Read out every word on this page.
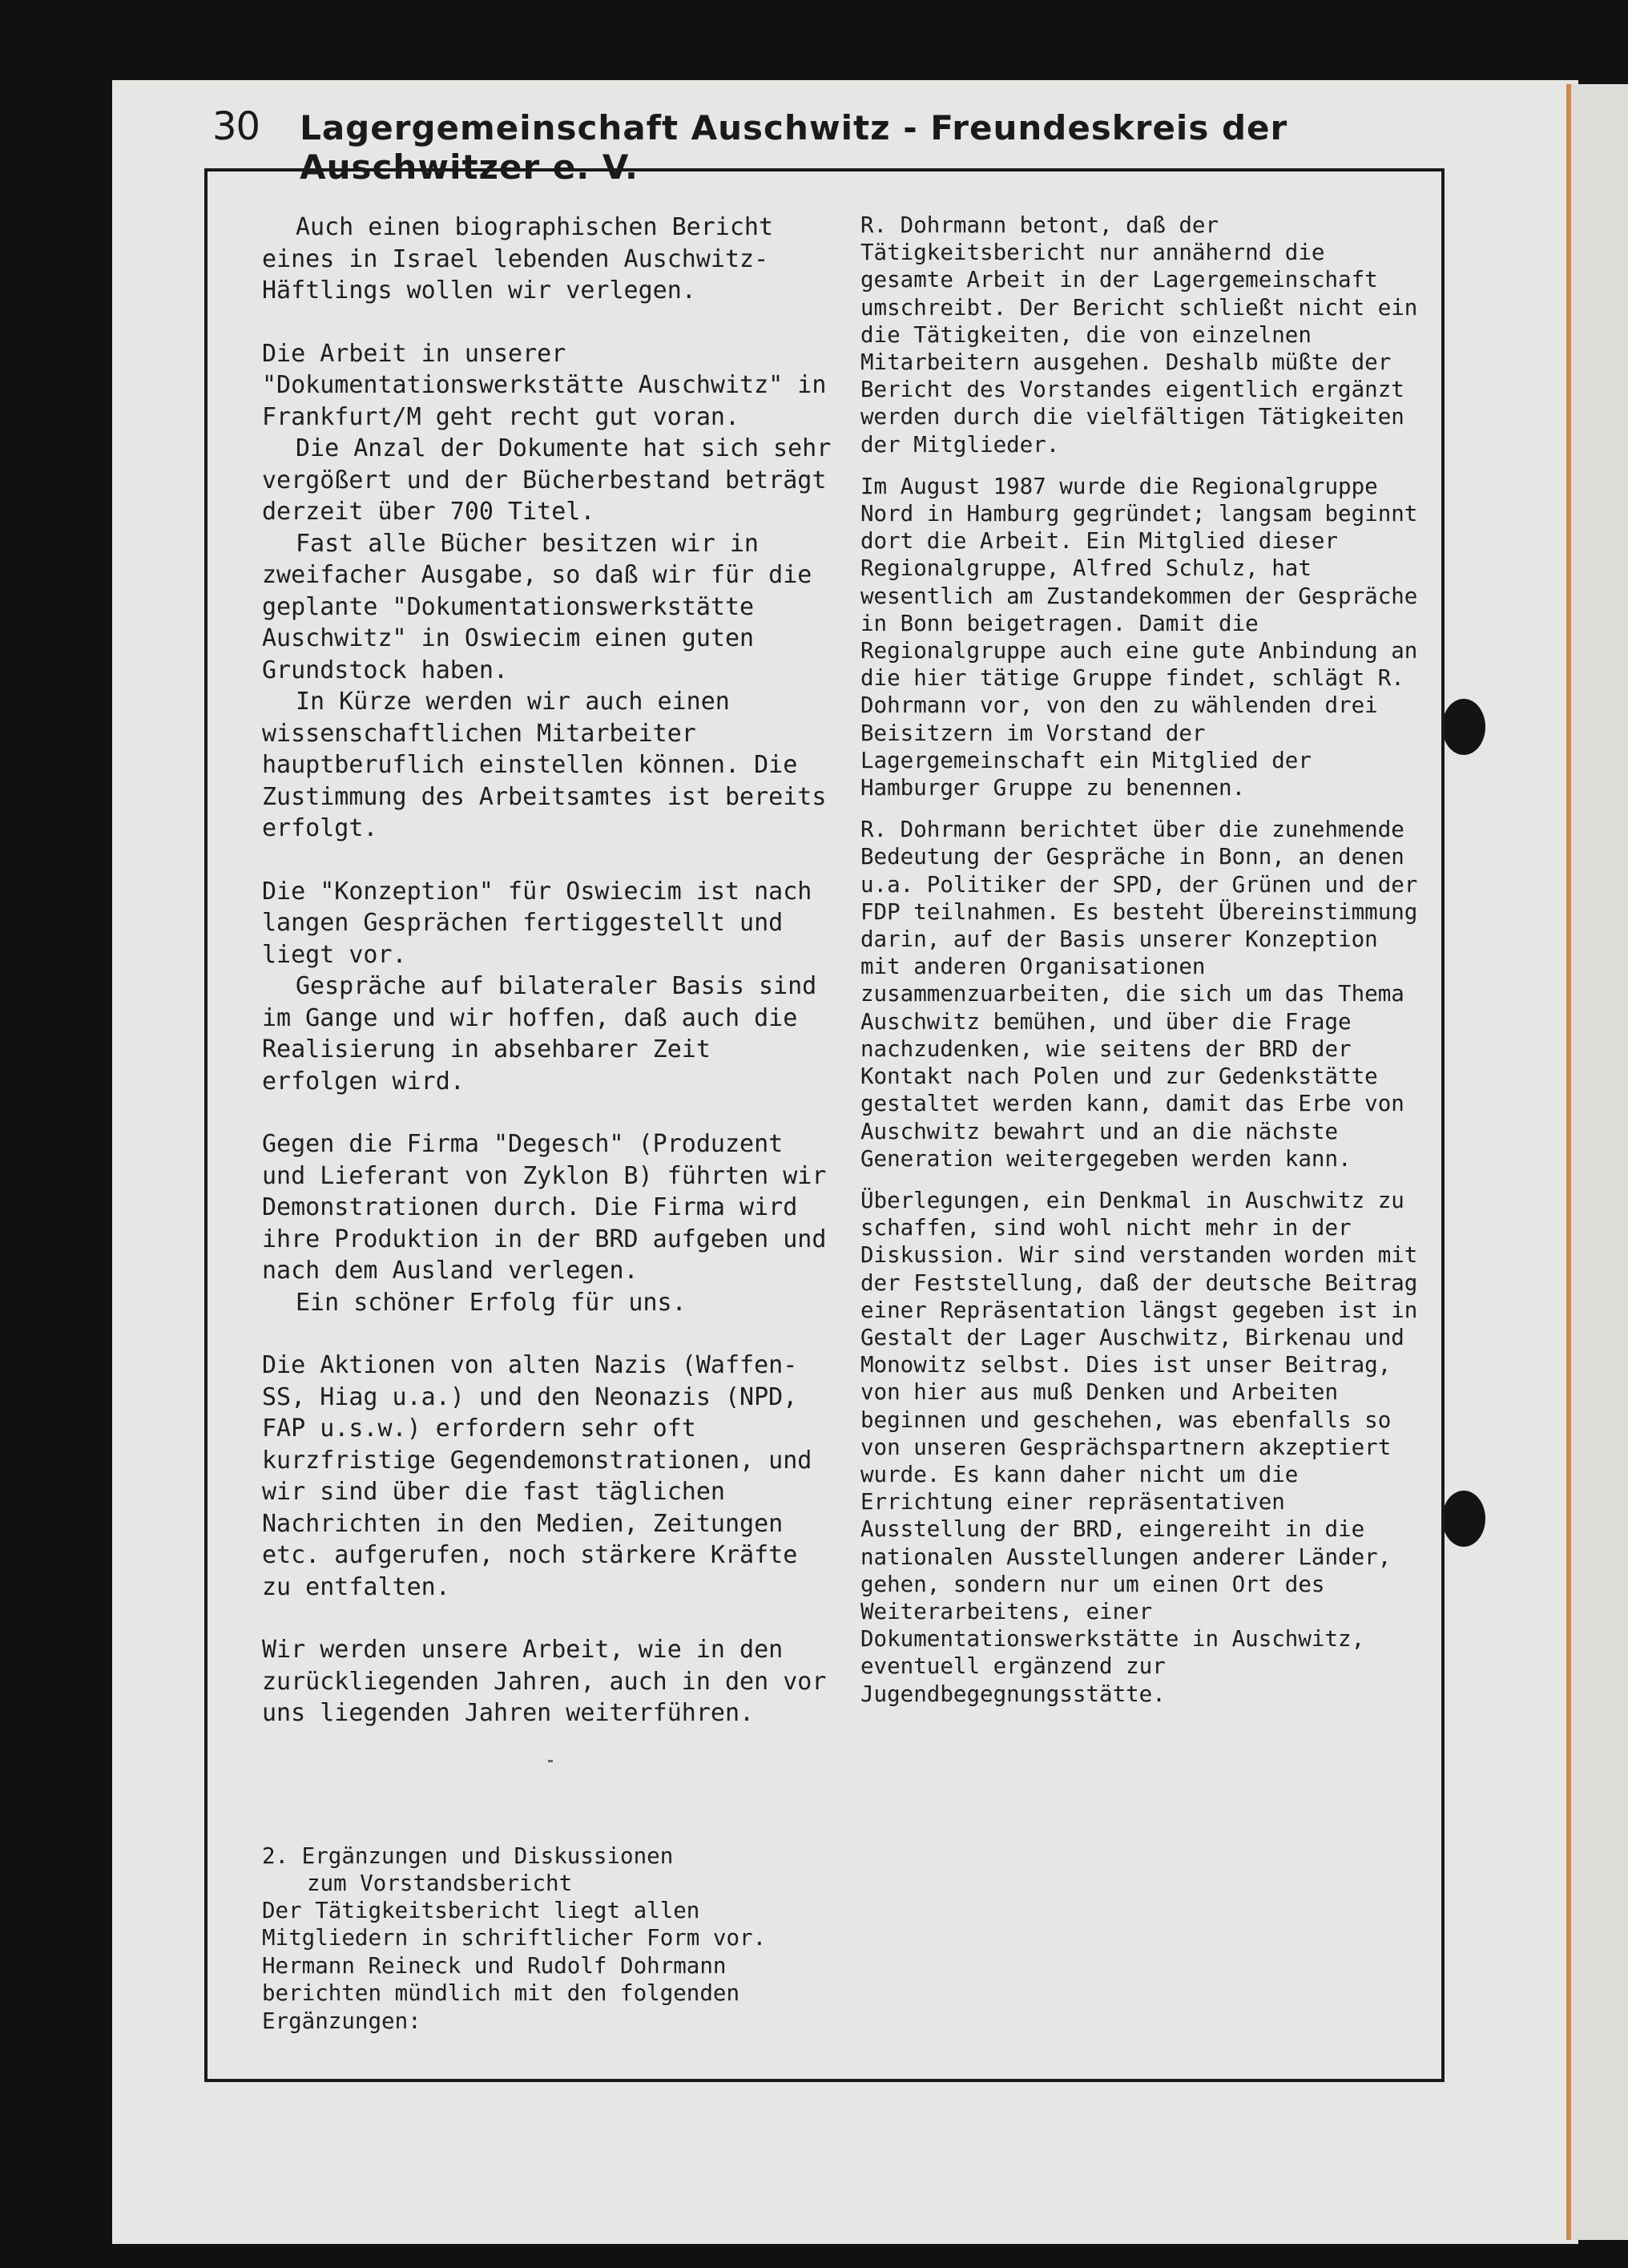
30 Lagergemeinschaft Auschwitz - Freundeskreis der Auschwitzer e. V.

Auch einen biographischen Bericht eines in Israel lebenden Auschwitz-Häftlings wollen wir verlegen.

Die Arbeit in unserer "Dokumentationswerkstätte Auschwitz" in Frankfurt/M geht recht gut voran.

Die Anzal der Dokumente hat sich sehr vergößert und der Bücherbestand beträgt derzeit über 700 Titel.

Fast alle Bücher besitzen wir in zweifacher Ausgabe, so daß wir für die geplante "Dokumentationswerkstätte Auschwitz" in Oswiecim einen guten Grundstock haben.

In Kürze werden wir auch einen wissenschaftlichen Mitarbeiter hauptberuflich einstellen können. Die Zustimmung des Arbeitsamtes ist bereits erfolgt.

Die "Konzeption" für Oswiecim ist nach langen Gesprächen fertiggestellt und liegt vor.

Gespräche auf bilateraler Basis sind im Gange und wir hoffen, daß auch die Realisierung in absehbarer Zeit erfolgen wird.

Gegen die Firma "Degesch" (Produzent und Lieferant von Zyklon B) führten wir Demonstrationen durch. Die Firma wird ihre Produktion in der BRD aufgeben und nach dem Ausland verlegen.

Ein schöner Erfolg für uns.

Die Aktionen von alten Nazis (Waffen-SS, Hiag u.a.) und den Neonazis (NPD, FAP u.s.w.) erfordern sehr oft kurzfristige Gegendemonstrationen, und wir sind über die fast täglichen Nachrichten in den Medien, Zeitungen etc. aufgerufen, noch stärkere Kräfte zu entfalten.

Wir werden unsere Arbeit, wie in den zurückliegenden Jahren, auch in den vor uns liegenden Jahren weiterführen.

2. Ergänzungen und Diskussionen
zum Vorstandsbericht

Der Tätigkeitsbericht liegt allen Mitgliedern in schriftlicher Form vor. Hermann Reineck und Rudolf Dohrmann berichten mündlich mit den folgenden Ergänzungen:

R. Dohrmann betont, daß der Tätigkeitsbericht nur annähernd die gesamte Arbeit in der Lagergemeinschaft umschreibt. Der Bericht schließt nicht ein die Tätigkeiten, die von einzelnen Mitarbeitern ausgehen. Deshalb müßte der Bericht des Vorstandes eigentlich ergänzt werden durch die vielfältigen Tätigkeiten der Mitglieder.

Im August 1987 wurde die Regionalgruppe Nord in Hamburg gegründet; langsam beginnt dort die Arbeit. Ein Mitglied dieser Regionalgruppe, Alfred Schulz, hat wesentlich am Zustandekommen der Gespräche in Bonn beigetragen. Damit die Regionalgruppe auch eine gute Anbindung an die hier tätige Gruppe findet, schlägt R. Dohrmann vor, von den zu wählenden drei Beisitzern im Vorstand der Lagergemeinschaft ein Mitglied der Hamburger Gruppe zu benennen.

R. Dohrmann berichtet über die zunehmende Bedeutung der Gespräche in Bonn, an denen u.a. Politiker der SPD, der Grünen und der FDP teilnahmen. Es besteht Übereinstimmung darin, auf der Basis unserer Konzeption mit anderen Organisationen zusammenzuarbeiten, die sich um das Thema Auschwitz bemühen, und über die Frage nachzudenken, wie seitens der BRD der Kontakt nach Polen und zur Gedenkstätte gestaltet werden kann, damit das Erbe von Auschwitz bewahrt und an die nächste Generation weitergegeben werden kann.

Überlegungen, ein Denkmal in Auschwitz zu schaffen, sind wohl nicht mehr in der Diskussion. Wir sind verstanden worden mit der Feststellung, daß der deutsche Beitrag einer Repräsentation längst gegeben ist in Gestalt der Lager Auschwitz, Birkenau und Monowitz selbst. Dies ist unser Beitrag, von hier aus muß Denken und Arbeiten beginnen und geschehen, was ebenfalls so von unseren Gesprächspartnern akzeptiert wurde. Es kann daher nicht um die Errichtung einer repräsentativen Ausstellung der BRD, eingereiht in die nationalen Ausstellungen anderer Länder, gehen, sondern nur um einen Ort des Weiterarbeitens, einer Dokumentationswerkstätte in Auschwitz, eventuell ergänzend zur Jugendbegegnungsstätte.
